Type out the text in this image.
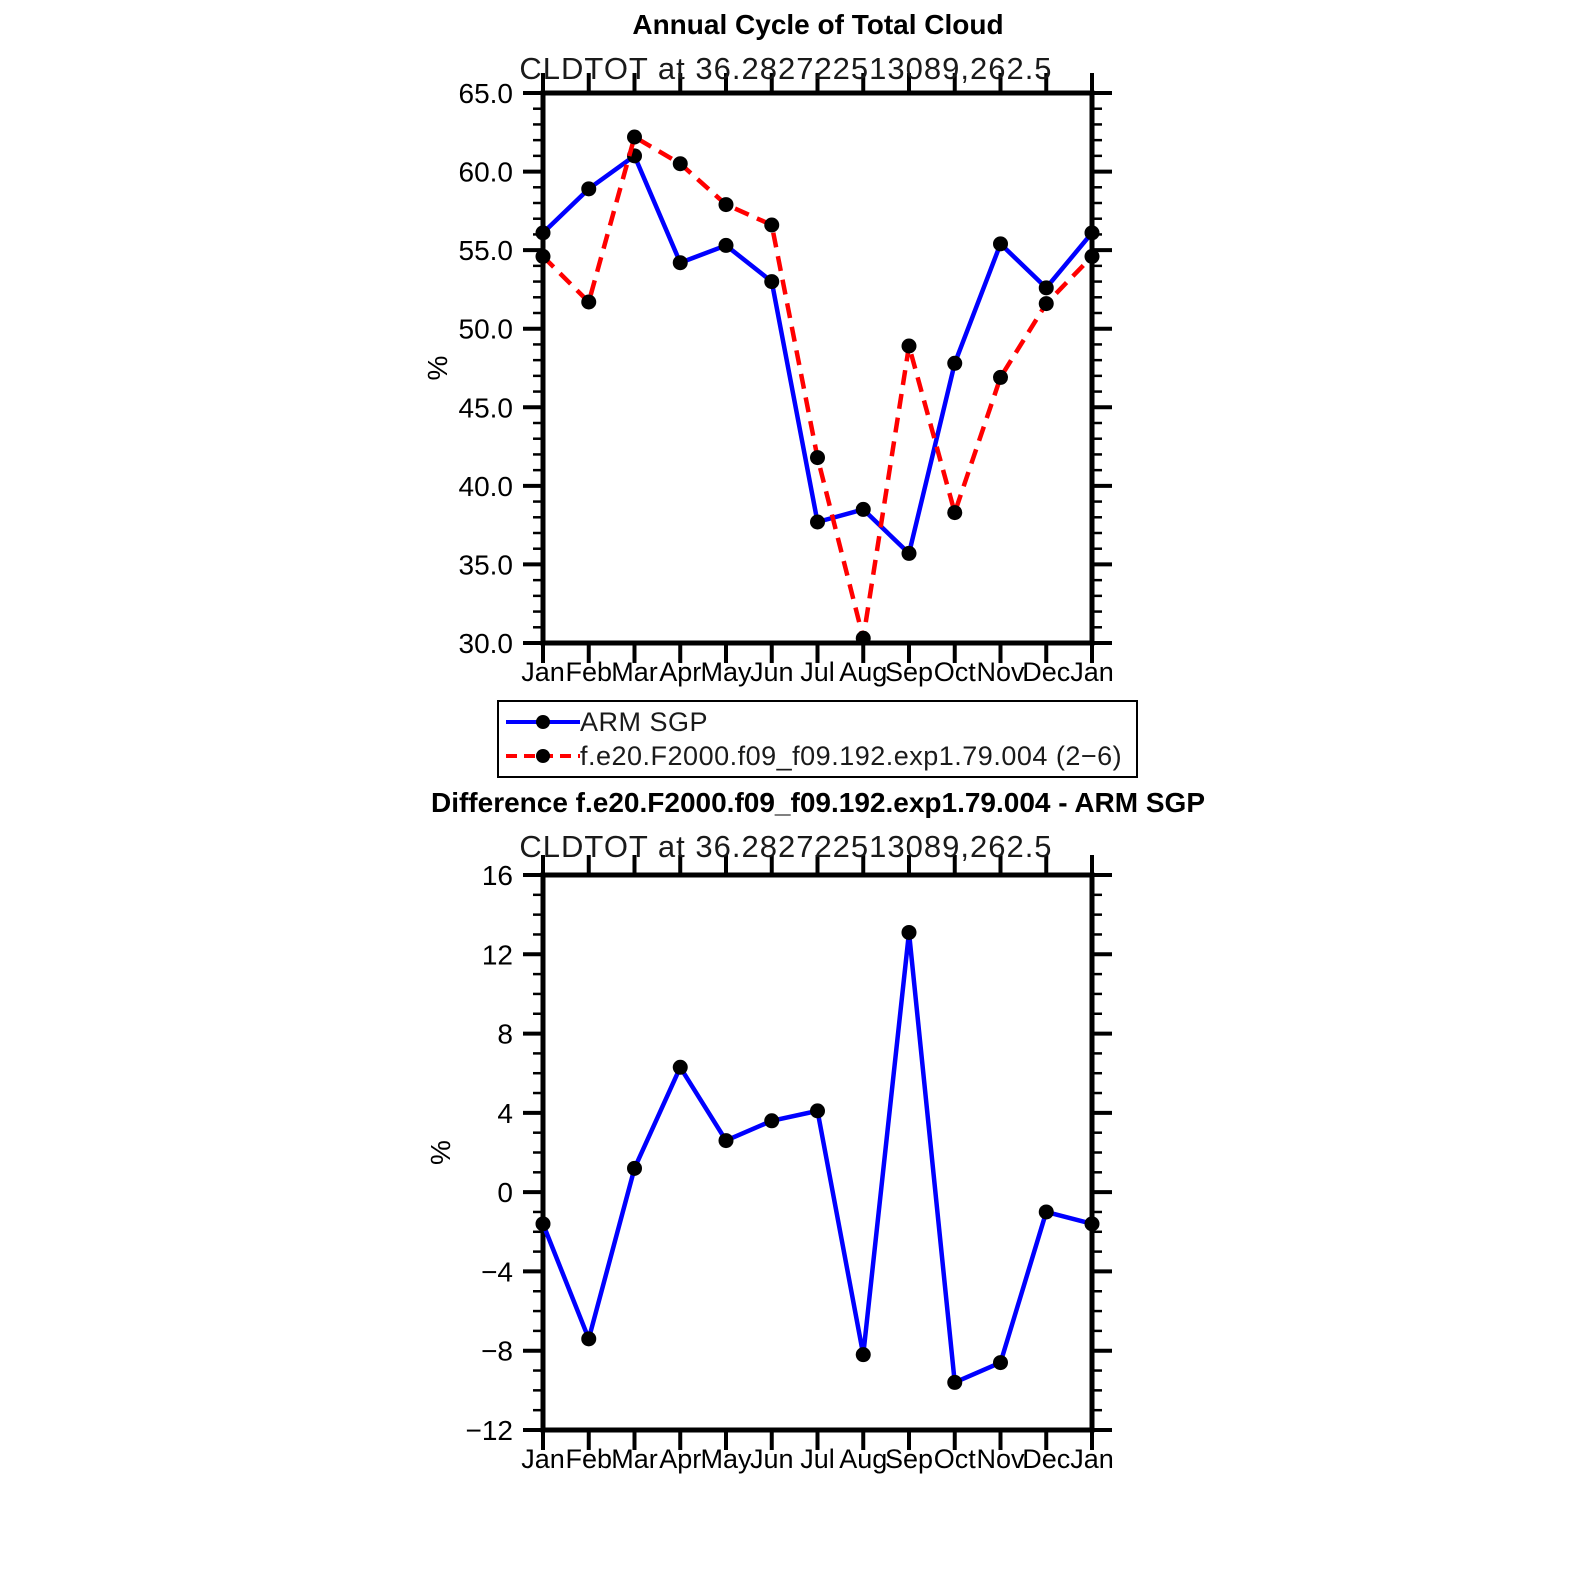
30.0
35.0
40.0
45.0
50.0
55.0
60.0
65.0
Jan Feb Mar Apr May
Jun Jul Aug
Sep Oct Nov
Dec Jan
%
−12
−8
−4
0
4
8
12
16
Jan Feb Mar Apr May
Jun Jul Aug
Sep Oct Nov
Dec Jan
%
Annual Cycle of Total Cloud
CLDTOT at 36.282722513089,262.5
ARM SGP
f.e20.F2000.f09_f09.192.exp1.79.004 (2−6)
Difference f.e20.F2000.f09_f09.192.exp1.79.004 - ARM SGP
CLDTOT at 36.282722513089,262.5
